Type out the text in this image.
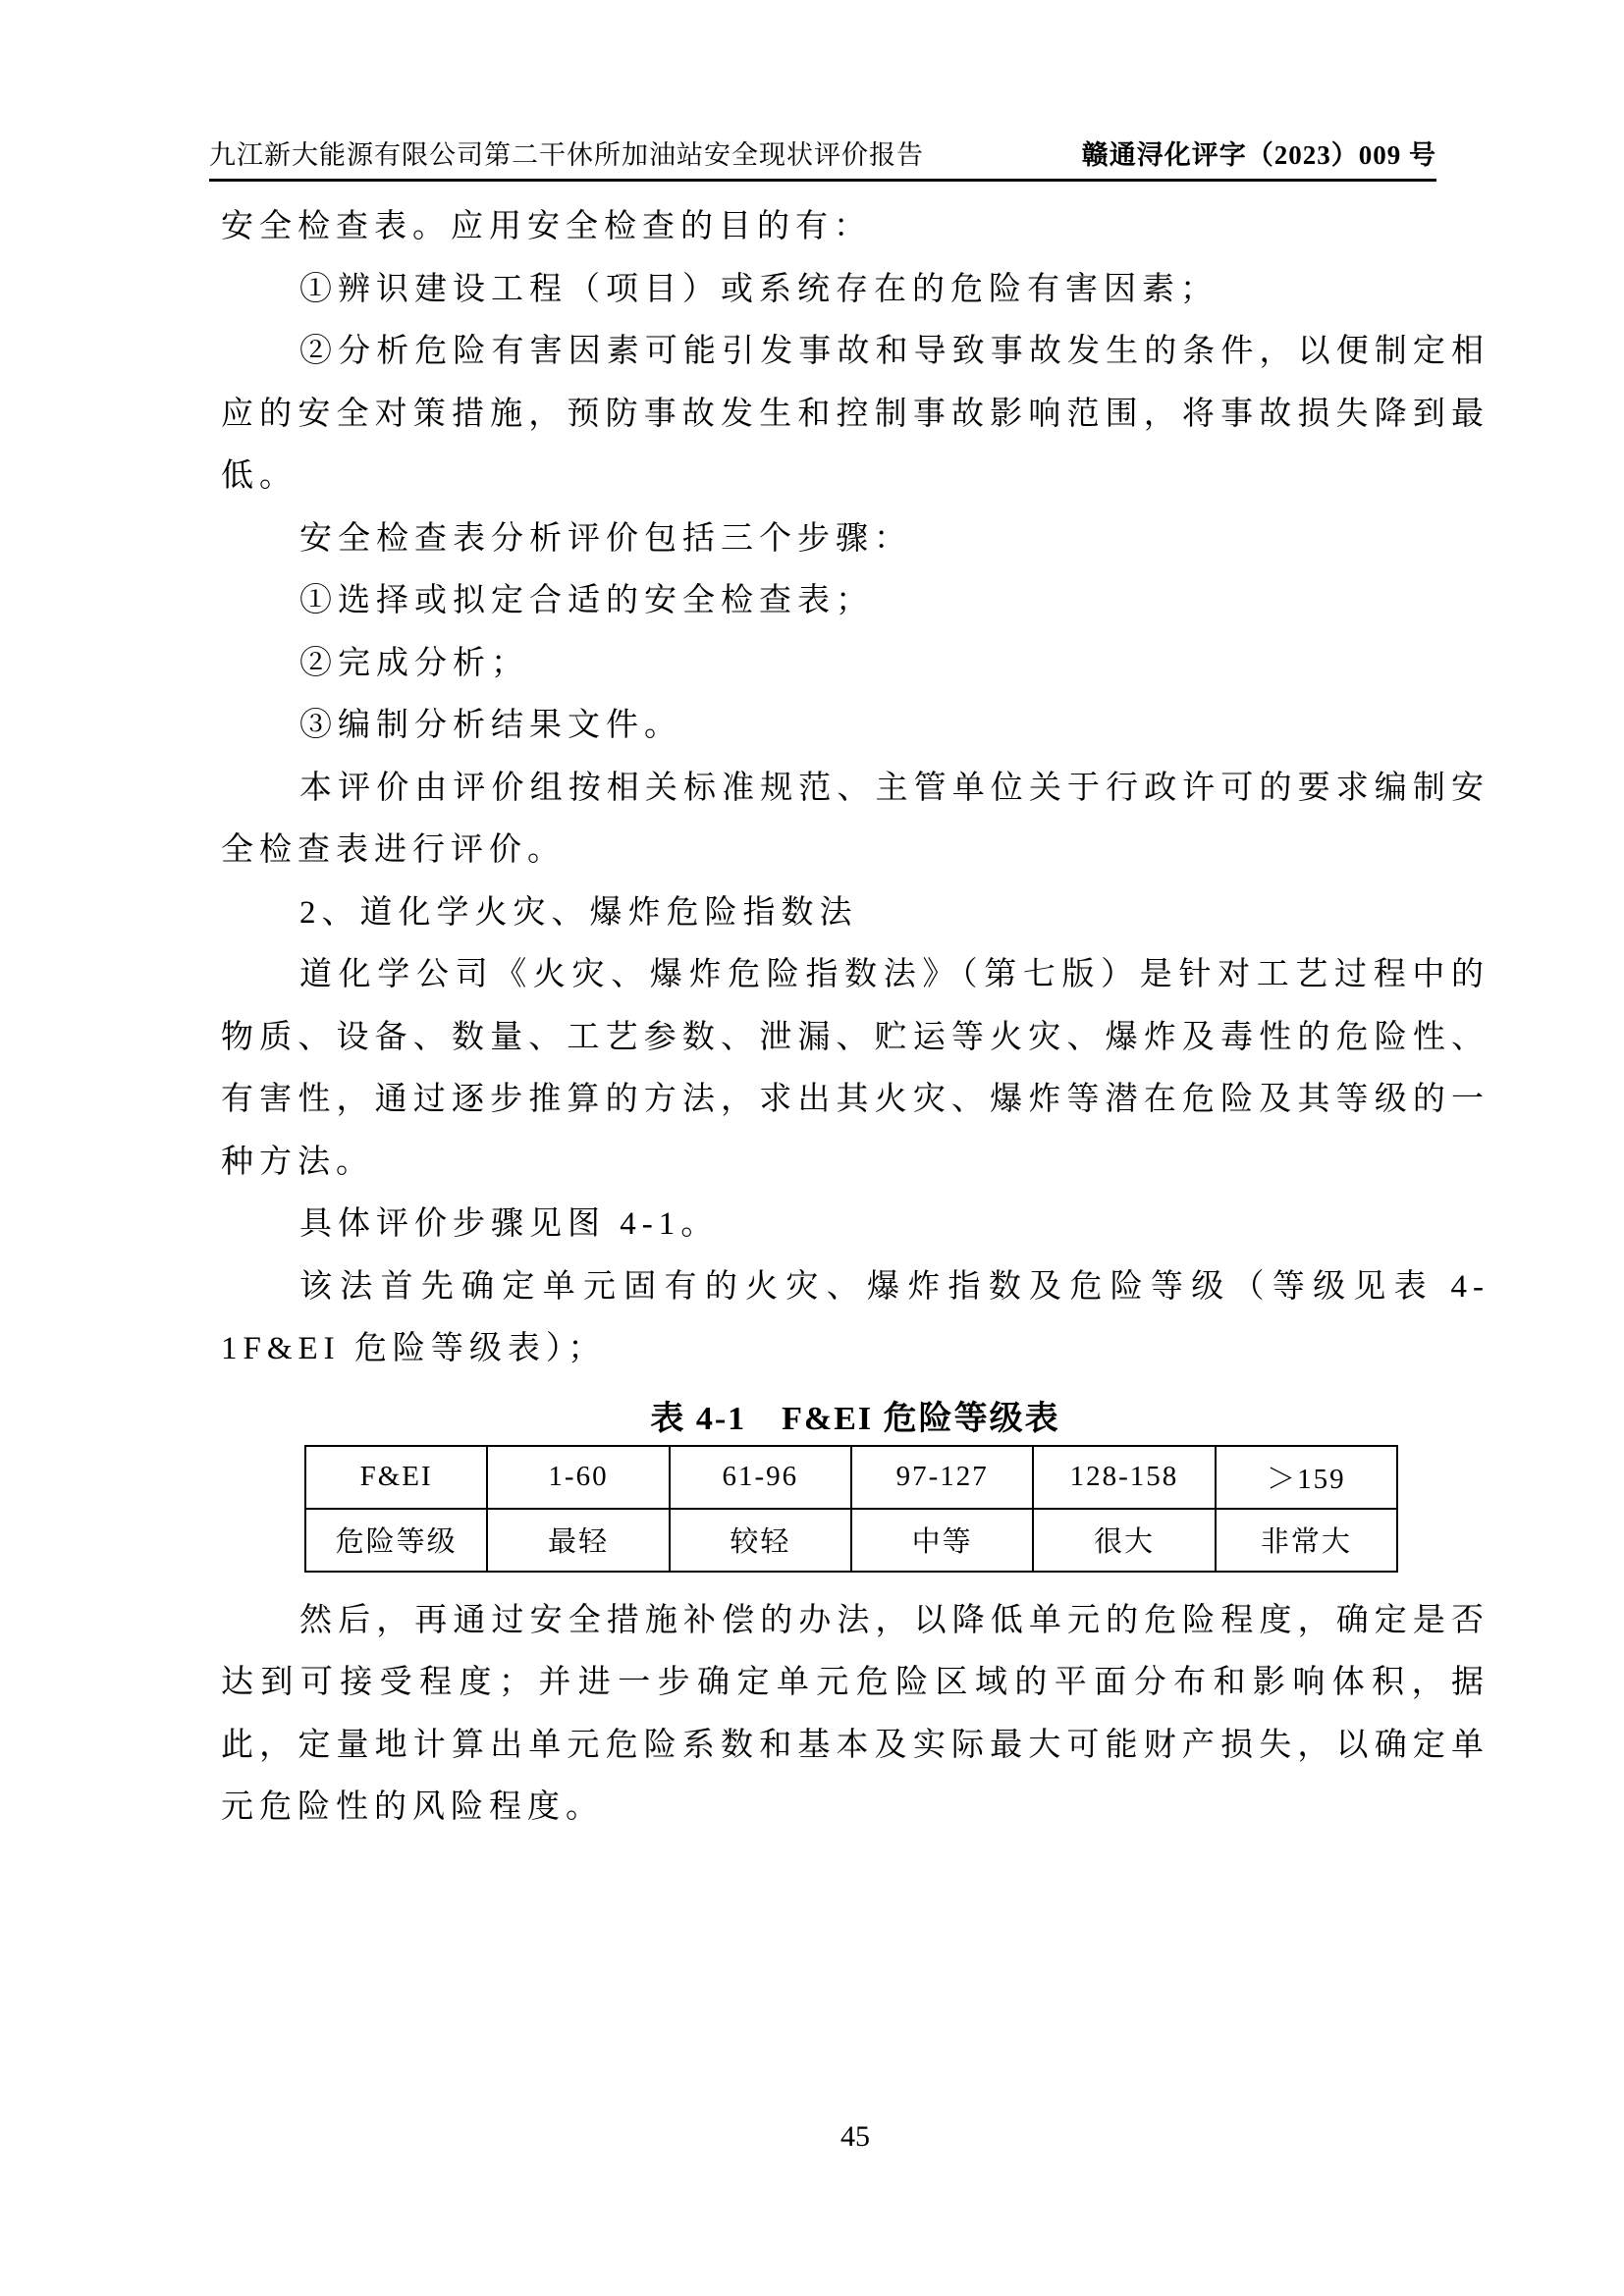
九江新大能源有限公司第二干休所加油站安全现状评价报告	赣通浔化评字（2023）009 号

安全检查表。应用安全检查的目的有：

①辨识建设工程（项目）或系统存在的危险有害因素；

②分析危险有害因素可能引发事故和导致事故发生的条件，以便制定相应的安全对策措施，预防事故发生和控制事故影响范围，将事故损失降到最低。

安全检查表分析评价包括三个步骤：

①选择或拟定合适的安全检查表；

②完成分析；

③编制分析结果文件。

本评价由评价组按相关标准规范、主管单位关于行政许可的要求编制安全检查表进行评价。

2、道化学火灾、爆炸危险指数法

道化学公司《火灾、爆炸危险指数法》（第七版）是针对工艺过程中的物质、设备、数量、工艺参数、泄漏、贮运等火灾、爆炸及毒性的危险性、有害性，通过逐步推算的方法，求出其火灾、爆炸等潜在危险及其等级的一种方法。

具体评价步骤见图 4-1。

该法首先确定单元固有的火灾、爆炸指数及危险等级（等级见表 4-1F&EI 危险等级表）；

表 4-1　F&EI 危险等级表
F&EI	1-60	61-96	97-127	128-158	＞159
危险等级	最轻	较轻	中等	很大	非常大

然后，再通过安全措施补偿的办法，以降低单元的危险程度，确定是否达到可接受程度；并进一步确定单元危险区域的平面分布和影响体积，据此，定量地计算出单元危险系数和基本及实际最大可能财产损失，以确定单元危险性的风险程度。

45
